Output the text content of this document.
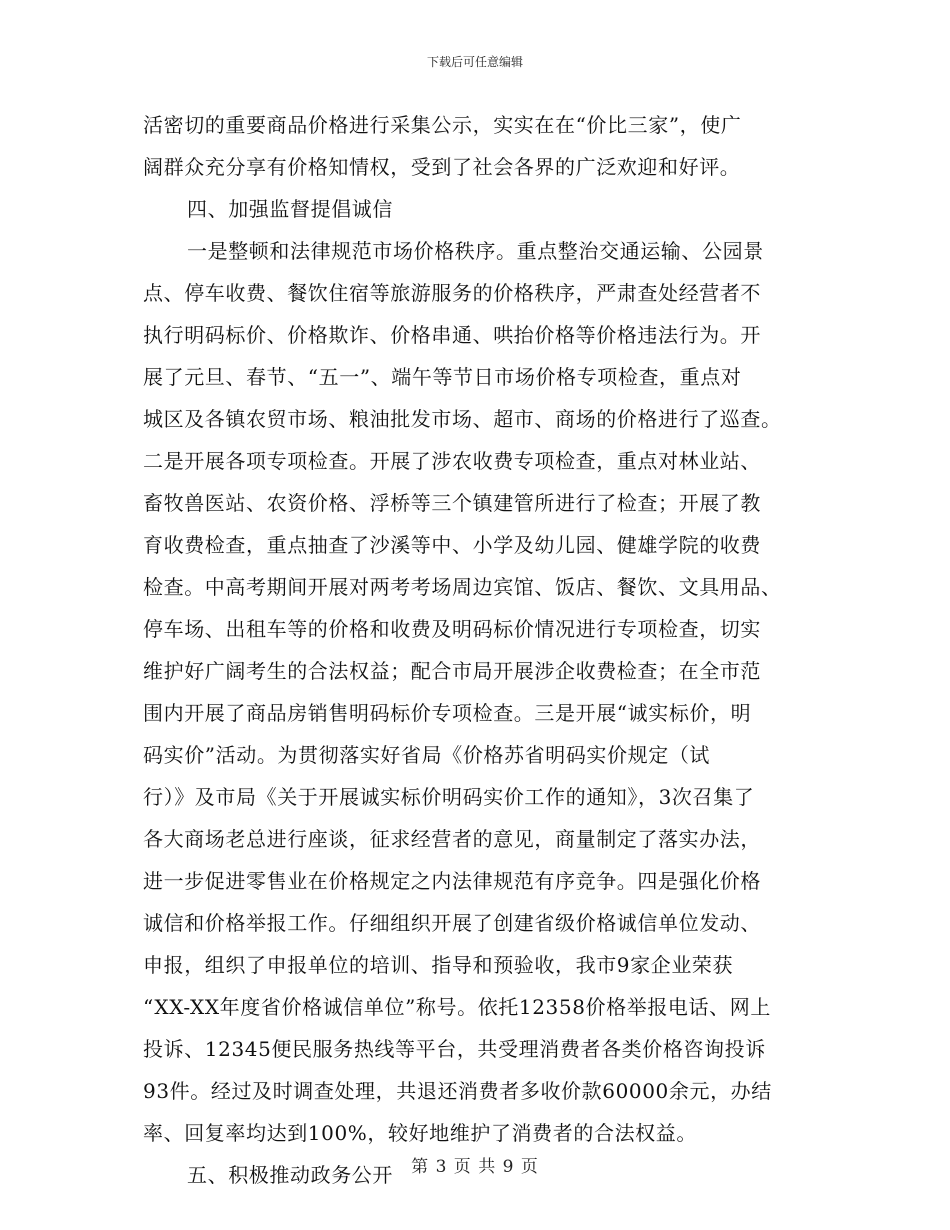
下载后可任意编辑
活密切的重要商品价格进行采集公示，实实在在“价比三家”，使广
阔群众充分享有价格知情权，受到了社会各界的广泛欢迎和好评。
四、加强监督提倡诚信
一是整顿和法律规范市场价格秩序。重点整治交通运输、公园景
点、停车收费、餐饮住宿等旅游服务的价格秩序，严肃查处经营者不
执行明码标价、价格欺诈、价格串通、哄抬价格等价格违法行为。开
展了元旦、春节、“五一”、端午等节日市场价格专项检查，重点对
城区及各镇农贸市场、粮油批发市场、超市、商场的价格进行了巡查。
二是开展各项专项检查。开展了涉农收费专项检查，重点对林业站、
畜牧兽医站、农资价格、浮桥等三个镇建管所进行了检查；开展了教
育收费检查，重点抽查了沙溪等中、小学及幼儿园、健雄学院的收费
检查。中高考期间开展对两考考场周边宾馆、饭店、餐饮、文具用品、
停车场、出租车等的价格和收费及明码标价情况进行专项检查，切实
维护好广阔考生的合法权益；配合市局开展涉企收费检查；在全市范
围内开展了商品房销售明码标价专项检查。三是开展“诚实标价，明
码实价”活动。为贯彻落实好省局《价格苏省明码实价规定（试
行）》及市局《关于开展诚实标价明码实价工作的通知》，3次召集了
各大商场老总进行座谈，征求经营者的意见，商量制定了落实办法，
进一步促进零售业在价格规定之内法律规范有序竞争。四是强化价格
诚信和价格举报工作。仔细组织开展了创建省级价格诚信单位发动、
申报，组织了申报单位的培训、指导和预验收，我市9家企业荣获
“XX-XX年度省价格诚信单位”称号。依托12358价格举报电话、网上
投诉、12345便民服务热线等平台，共受理消费者各类价格咨询投诉
93件。经过及时调查处理，共退还消费者多收价款60000余元，办结
率、回复率均达到100%，较好地维护了消费者的合法权益。
五、积极推动政务公开	第 3 页 共 9 页
